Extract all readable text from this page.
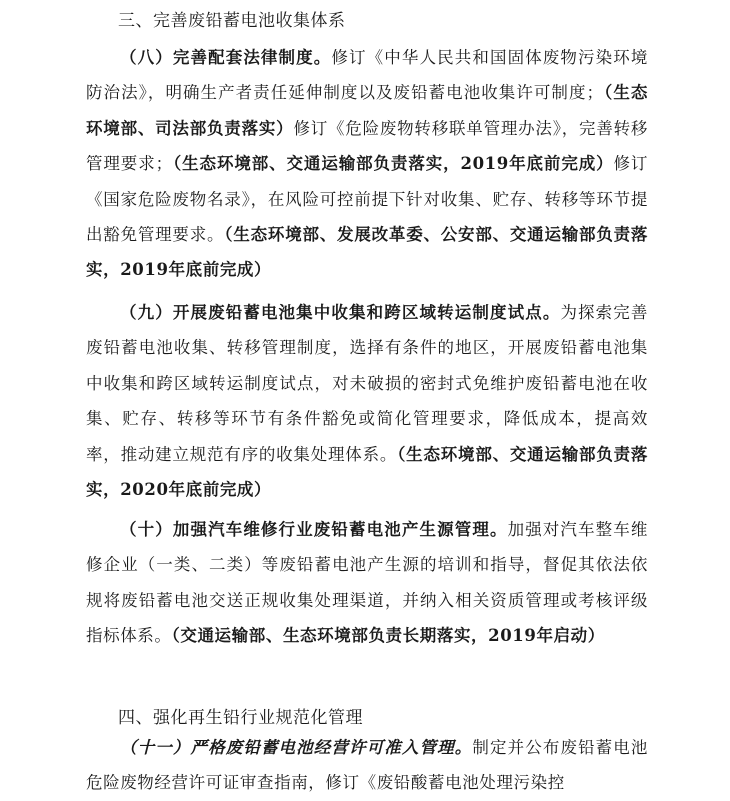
三、完善废铅蓄电池收集体系

（八）完善配套法律制度。修订《中华人民共和国固体废物污染环境防治法》，明确生产者责任延伸制度以及废铅蓄电池收集许可制度；（生态环境部、司法部负责落实）修订《危险废物转移联单管理办法》，完善转移管理要求；（生态环境部、交通运输部负责落实，2019年底前完成）修订《国家危险废物名录》，在风险可控前提下针对收集、贮存、转移等环节提出豁免管理要求。（生态环境部、发展改革委、公安部、交通运输部负责落实，2019年底前完成）

（九）开展废铅蓄电池集中收集和跨区域转运制度试点。为探索完善废铅蓄电池收集、转移管理制度，选择有条件的地区，开展废铅蓄电池集中收集和跨区域转运制度试点，对未破损的密封式免维护废铅蓄电池在收集、贮存、转移等环节有条件豁免或简化管理要求，降低成本，提高效率，推动建立规范有序的收集处理体系。（生态环境部、交通运输部负责落实，2020年底前完成）

（十）加强汽车维修行业废铅蓄电池产生源管理。加强对汽车整车维修企业（一类、二类）等废铅蓄电池产生源的培训和指导，督促其依法依规将废铅蓄电池交送正规收集处理渠道，并纳入相关资质管理或考核评级指标体系。（交通运输部、生态环境部负责长期落实，2019年启动）

四、强化再生铅行业规范化管理

（十一）严格废铅蓄电池经营许可准入管理。制定并公布废铅蓄电池危险废物经营许可证审查指南，修订《废铅酸蓄电池处理污染控
